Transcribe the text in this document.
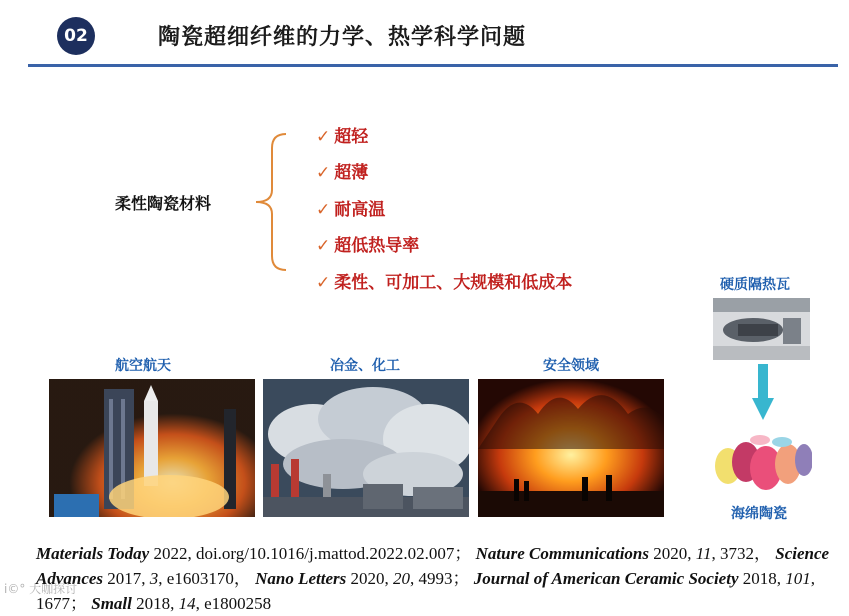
02	陶瓷超细纤维的力学、热学科学问题
柔性陶瓷材料
✓ 超轻
✓ 超薄
✓ 耐高温
✓ 超低热导率
✓ 柔性、可加工、大规模和低成本
航空航天	冶金、化工	安全领域
硬质隔热瓦
海绵陶瓷
Materials Today 2022, doi.org/10.1016/j.mattod.2022.02.007； Nature Communications 2020, 11, 3732， Science Advances 2017, 3, e1603170， Nano Letters 2020, 20, 4993； Journal of American Ceramic Society 2018, 101, 1677； Small 2018, 14, e1800258
i©° 大咖探讨
